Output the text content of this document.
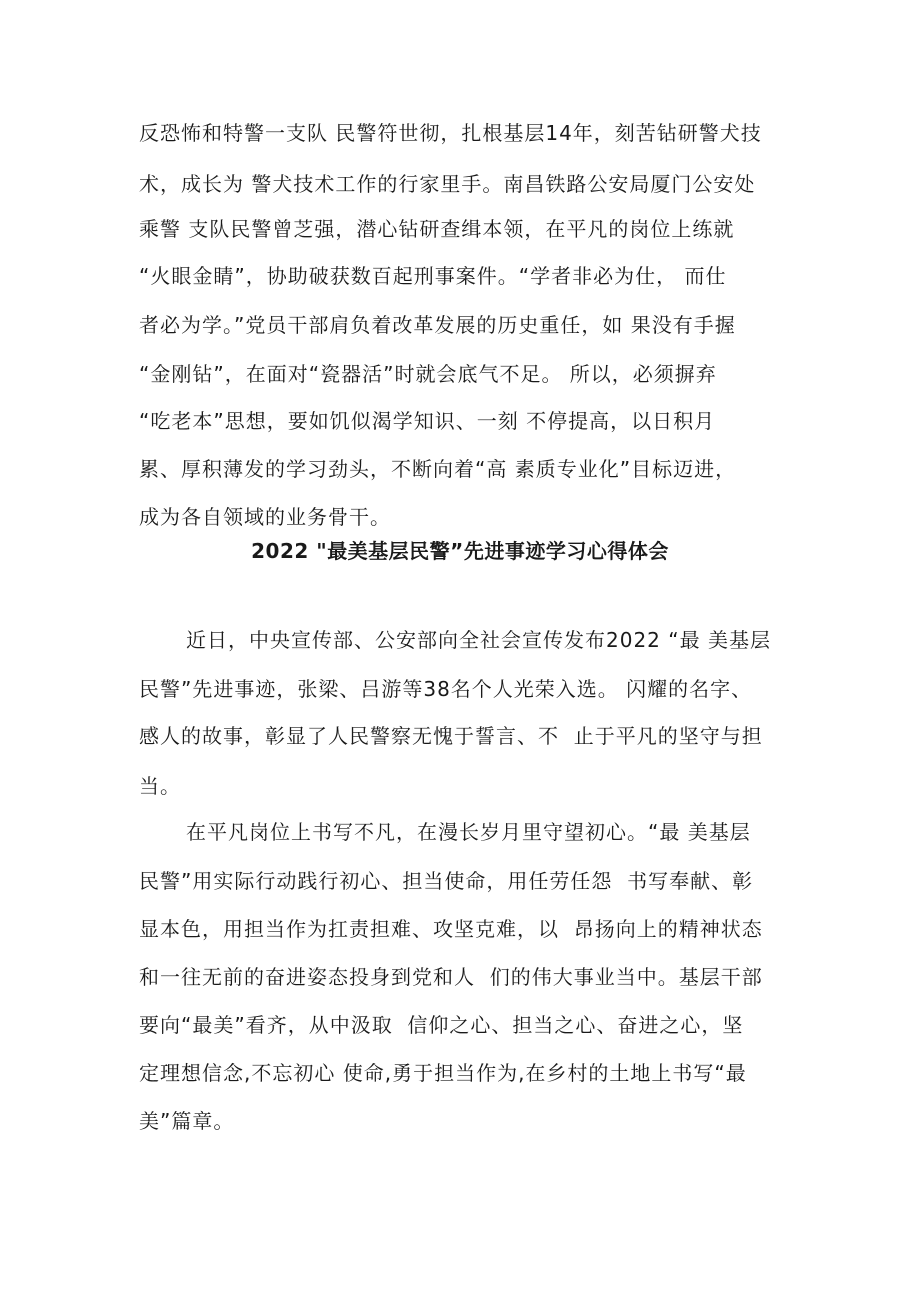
反恐怖和特警一支队 民警符世彻，扎根基层14年，刻苦钻研警犬技
术，成长为 警犬技术工作的行家里手。南昌铁路公安局厦门公安处
乘警 支队民警曾芝强，潜心钻研查缉本领，在平凡的岗位上练就
“火眼金睛”，协助破获数百起刑事案件。“学者非必为仕， 而仕
者必为学。”党员干部肩负着改革发展的历史重任，如 果没有手握
“金刚钻”，在面对“瓷器活”时就会底气不足。 所以，必须摒弃
“吃老本”思想，要如饥似渴学知识、一刻 不停提高，以日积月
累、厚积薄发的学习劲头，不断向着“高 素质专业化”目标迈进，
成为各自领域的业务骨干。
2022 "最美基层民警”先进事迹学习心得体会
近日，中央宣传部、公安部向全社会宣传发布2022 “最 美基层
民警”先进事迹，张梁、吕游等38名个人光荣入选。 闪耀的名字、
感人的故事，彰显了人民警察无愧于誓言、不  止于平凡的坚守与担
当。
在平凡岗位上书写不凡，在漫长岁月里守望初心。“最 美基层
民警”用实际行动践行初心、担当使命，用任劳任怨  书写奉献、彰
显本色，用担当作为扛责担难、攻坚克难，以  昂扬向上的精神状态
和一往无前的奋进姿态投身到党和人  们的伟大事业当中。基层干部
要向“最美”看齐，从中汲取  信仰之心、担当之心、奋进之心，坚
定理想信念,不忘初心 使命,勇于担当作为,在乡村的土地上书写“最
美”篇章。
